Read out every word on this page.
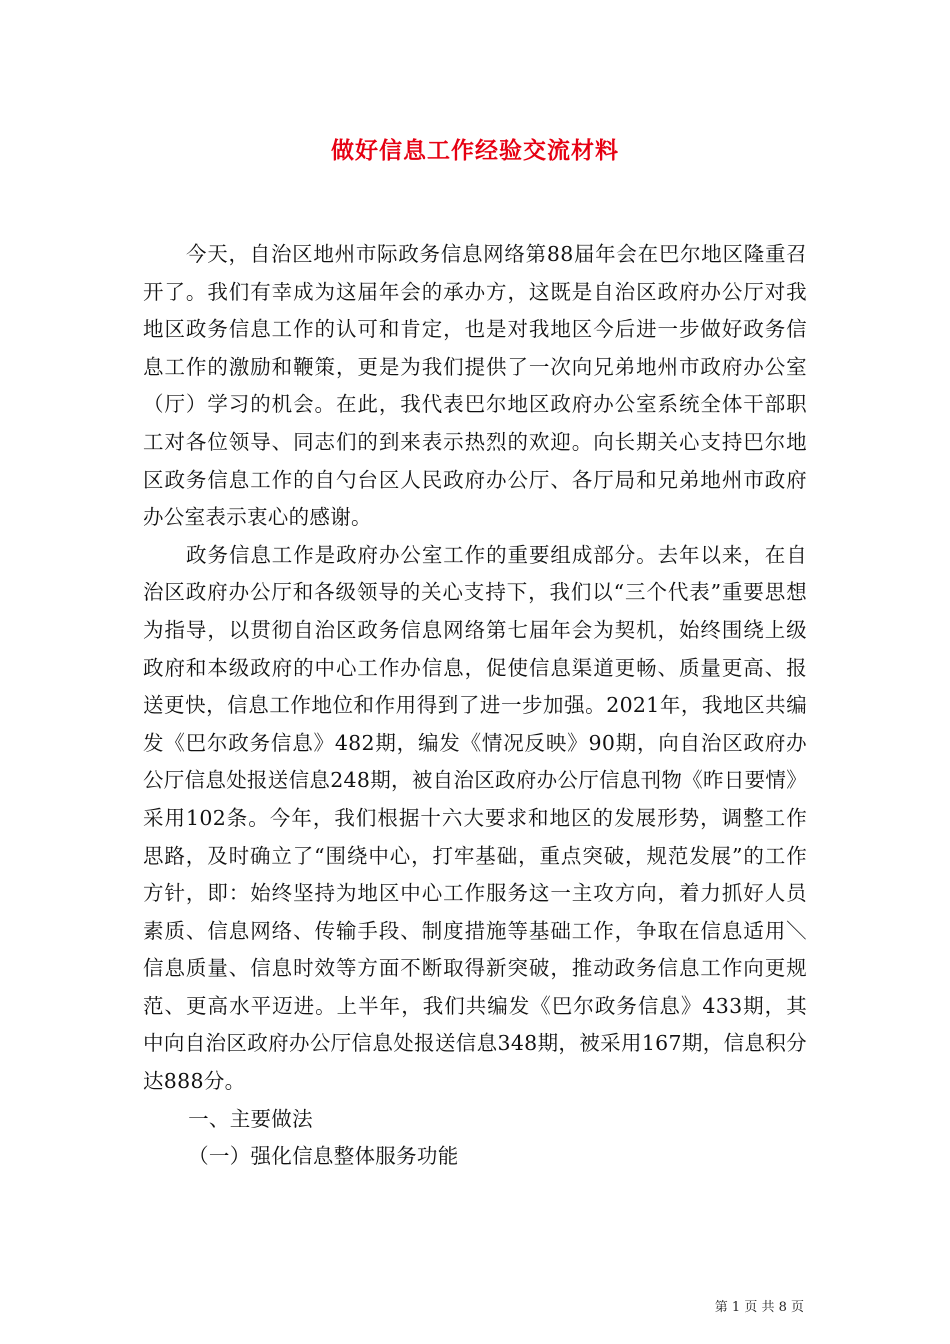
做好信息工作经验交流材料

今天，自治区地州市际政务信息网络第88届年会在巴尔地区隆重召开了。我们有幸成为这届年会的承办方，这既是自治区政府办公厅对我地区政务信息工作的认可和肯定，也是对我地区今后进一步做好政务信息工作的激励和鞭策，更是为我们提供了一次向兄弟地州市政府办公室（厅）学习的机会。在此，我代表巴尔地区政府办公室系统全体干部职工对各位领导、同志们的到来表示热烈的欢迎。向长期关心支持巴尔地区政务信息工作的自勺台区人民政府办公厅、各厅局和兄弟地州市政府办公室表示衷心的感谢。

政务信息工作是政府办公室工作的重要组成部分。去年以来，在自治区政府办公厅和各级领导的关心支持下，我们以“三个代表”重要思想为指导，以贯彻自治区政务信息网络第七届年会为契机，始终围绕上级政府和本级政府的中心工作办信息，促使信息渠道更畅、质量更高、报送更快，信息工作地位和作用得到了进一步加强。2021年，我地区共编发《巴尔政务信息》482期，编发《情况反映》90期，向自治区政府办公厅信息处报送信息248期，被自治区政府办公厅信息刊物《昨日要情》采用102条。今年，我们根据十六大要求和地区的发展形势，调整工作思路，及时确立了“围绕中心，打牢基础，重点突破，规范发展”的工作方针，即：始终坚持为地区中心工作服务这一主攻方向，着力抓好人员素质、信息网络、传输手段、制度措施等基础工作，争取在信息适用＼信息质量、信息时效等方面不断取得新突破，推动政务信息工作向更规范、更高水平迈进。上半年，我们共编发《巴尔政务信息》433期，其中向自治区政府办公厅信息处报送信息348期，被采用167期，信息积分达888分。

一、主要做法

（一）强化信息整体服务功能

第 1 页 共 8 页
